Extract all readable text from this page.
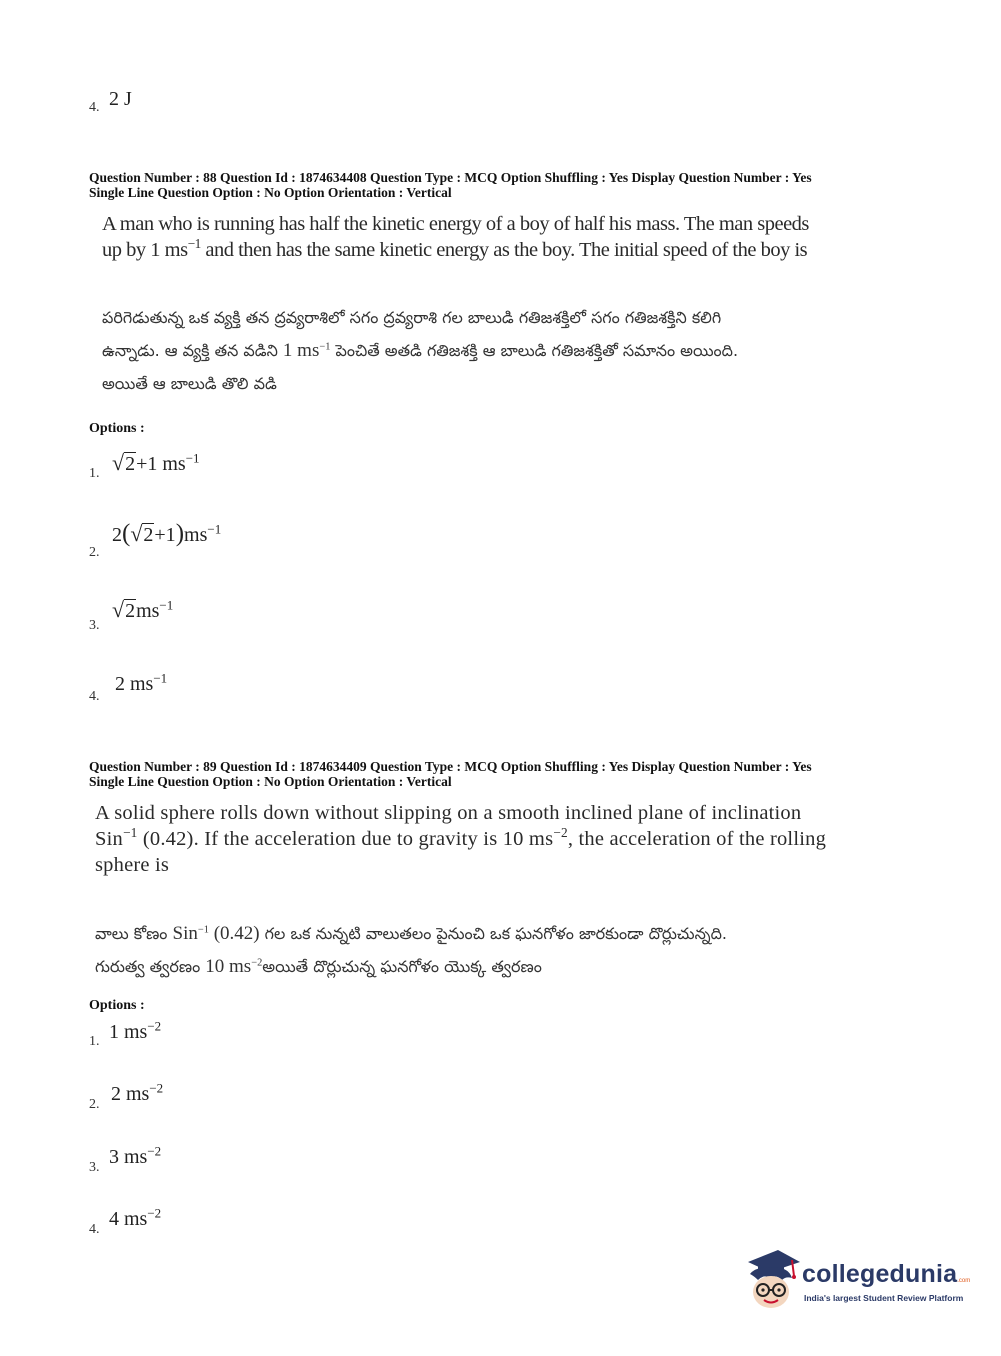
4. 2 J
Question Number : 88 Question Id : 1874634408 Question Type : MCQ Option Shuffling : Yes Display Question Number : Yes
Single Line Question Option : No Option Orientation : Vertical
A man who is running has half the kinetic energy of a boy of half his mass. The man speeds
up by 1 $ms^{-1}$ and then has the same kinetic energy as the boy. The initial speed of the boy is
పరిగెడుతున్న ఒక వ్యక్తి తన ద్రవ్యరాశిలో సగం ద్రవ్యరాశి గల బాలుడి గతిజశక్తిలో సగం గతిజశక్తిని కలిగి
ఉన్నాడు. ఆ వ్యక్తి తన వడిని 1 $ms^{-1}$ పెంచితే అతడి గతిజశక్తి ఆ బాలుడి గతిజశక్తితో సమానం అయింది.
అయితే ఆ బాలుడి తొలి వడి
Options :
1. √2+1 $ms^{-1}$
2.
$2(√2+1)ms^{-1}$
3.
$√2ms^{-1}$
4.
2 $ms^{-1}$
Question Number : 89 Question Id : 1874634409 Question Type : MCQ Option Shuffling : Yes Display Question Number : Yes
Single Line Question Option : No Option Orientation : Vertical
A solid sphere rolls down without slipping on a smooth inclined plane of inclination
Sin$^{-1}$ (0.42). If the acceleration due to gravity is 10 $ms^{-2}$, the acceleration of the rolling
sphere is
వాలు కోణం Sin$^{-1}$ (0.42) గల ఒక నున్నటి వాలుతలం పైనుంచి ఒక ఘనగోళం జారకుండా దొర్లుచున్నది.
గురుత్వ త్వరణం 10 $ms^{-2}అయితే$ దొర్లుచున్న ఘనగోళం యొక్క త్వరణం
Options :
1. 1 $ms^{-2}$
2. 2 $ms^{-2}$
3. 3 $ms^{-2}$
4. 4 $ms^{-2}$
collegedunia.com
India's largest Student Review Platform
